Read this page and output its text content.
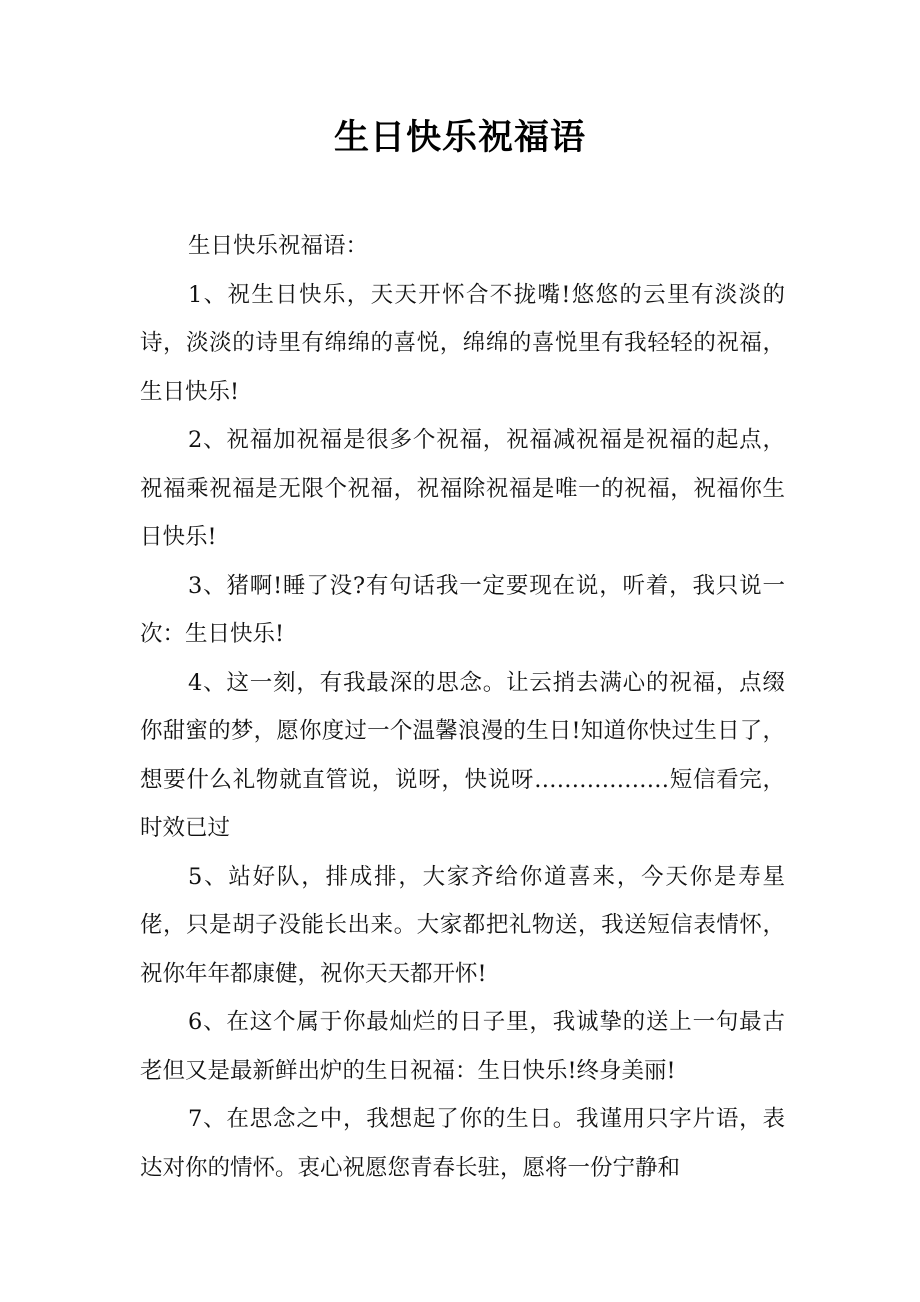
生日快乐祝福语

生日快乐祝福语：

1、祝生日快乐，天天开怀合不拢嘴!悠悠的云里有淡淡的诗，淡淡的诗里有绵绵的喜悦，绵绵的喜悦里有我轻轻的祝福，生日快乐!

2、祝福加祝福是很多个祝福，祝福减祝福是祝福的起点，祝福乘祝福是无限个祝福，祝福除祝福是唯一的祝福，祝福你生日快乐!

3、猪啊!睡了没?有句话我一定要现在说，听着，我只说一次：生日快乐!

4、这一刻，有我最深的思念。让云捎去满心的祝福，点缀你甜蜜的梦，愿你度过一个温馨浪漫的生日!知道你快过生日了，想要什么礼物就直管说，说呀，快说呀………………短信看完，时效已过

5、站好队，排成排，大家齐给你道喜来，今天你是寿星佬，只是胡子没能长出来。大家都把礼物送，我送短信表情怀，祝你年年都康健，祝你天天都开怀!

6、在这个属于你最灿烂的日子里，我诚挚的送上一句最古老但又是最新鲜出炉的生日祝福：生日快乐!终身美丽!

7、在思念之中，我想起了你的生日。我谨用只字片语，表达对你的情怀。衷心祝愿您青春长驻，愿将一份宁静和
